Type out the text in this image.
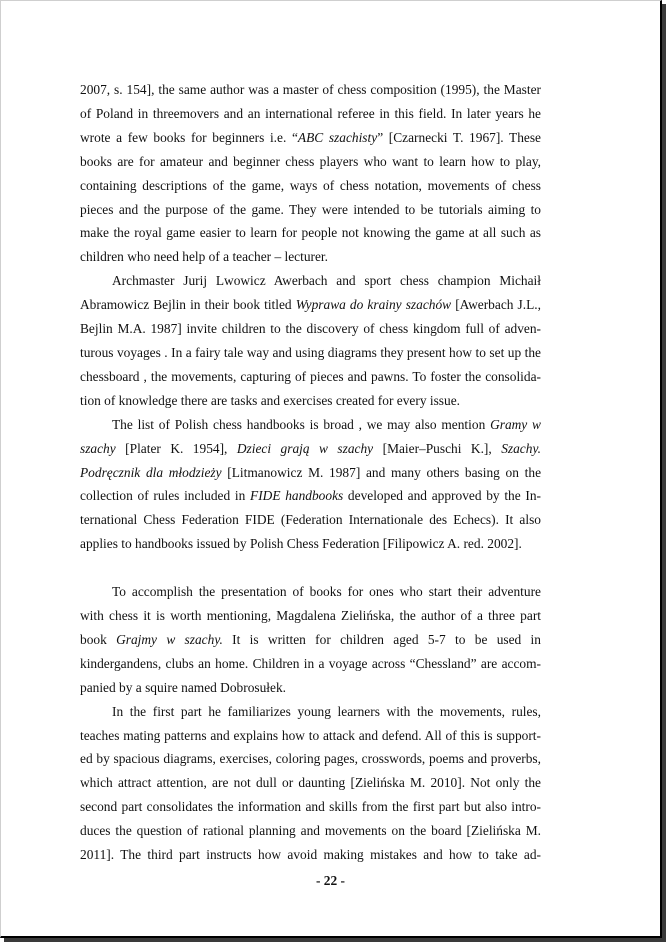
2007, s. 154], the same author was a master of chess composition (1995), the Master

of Poland in threemovers and an international referee in this field. In later years he

wrote a few books for beginners i.e. “ABC szachisty” [Czarnecki T. 1967]. These

books are for amateur and beginner chess players who want to learn how to play,

containing descriptions of the game, ways of chess notation, movements of chess

pieces and the purpose of the game. They were intended to be tutorials aiming to

make the royal game easier to learn for people not knowing the game at all such as

children who need help of a teacher – lecturer.

Archmaster Jurij Lwowicz Awerbach and sport chess champion Michaił

Abramowicz Bejlin in their book titled Wyprawa do krainy szachów [Awerbach J.L.,

Bejlin M.A. 1987] invite children to the discovery of chess kingdom full of adven-

turous voyages . In a fairy tale way and using diagrams they present how to set up the

chessboard , the movements, capturing of pieces and pawns. To foster the consolida-

tion of knowledge there are tasks and exercises created for every issue.

The list of Polish chess handbooks is broad , we may also mention Gramy w

szachy [Plater K. 1954], Dzieci grają w szachy [Maier–Puschi K.], Szachy.

Podręcznik dla młodzieży [Litmanowicz M. 1987] and many others basing on the

collection of rules included in FIDE handbooks developed and approved by the In-

ternational Chess Federation FIDE (Federation Internationale des Echecs). It also

applies to handbooks issued by Polish Chess Federation [Filipowicz A. red. 2002].

To accomplish the presentation of books for ones who start their adventure

with chess it is worth mentioning, Magdalena Zielińska, the author of a three part

book Grajmy w szachy. It is written for children aged 5-7 to be used in

kindergandens, clubs an home. Children in a voyage across “Chessland” are accom-

panied by a squire named Dobrosułek.

In the first part he familiarizes young learners with the movements, rules,

teaches mating patterns and explains how to attack and defend. All of this is support-

ed by spacious diagrams, exercises, coloring pages, crosswords, poems and proverbs,

which attract attention, are not dull or daunting [Zielińska M. 2010]. Not only the

second part consolidates the information and skills from the first part but also intro-

duces the question of rational planning and movements on the board [Zielińska M.

2011]. The third part instructs how avoid making mistakes and how to take ad-

- 22 -
